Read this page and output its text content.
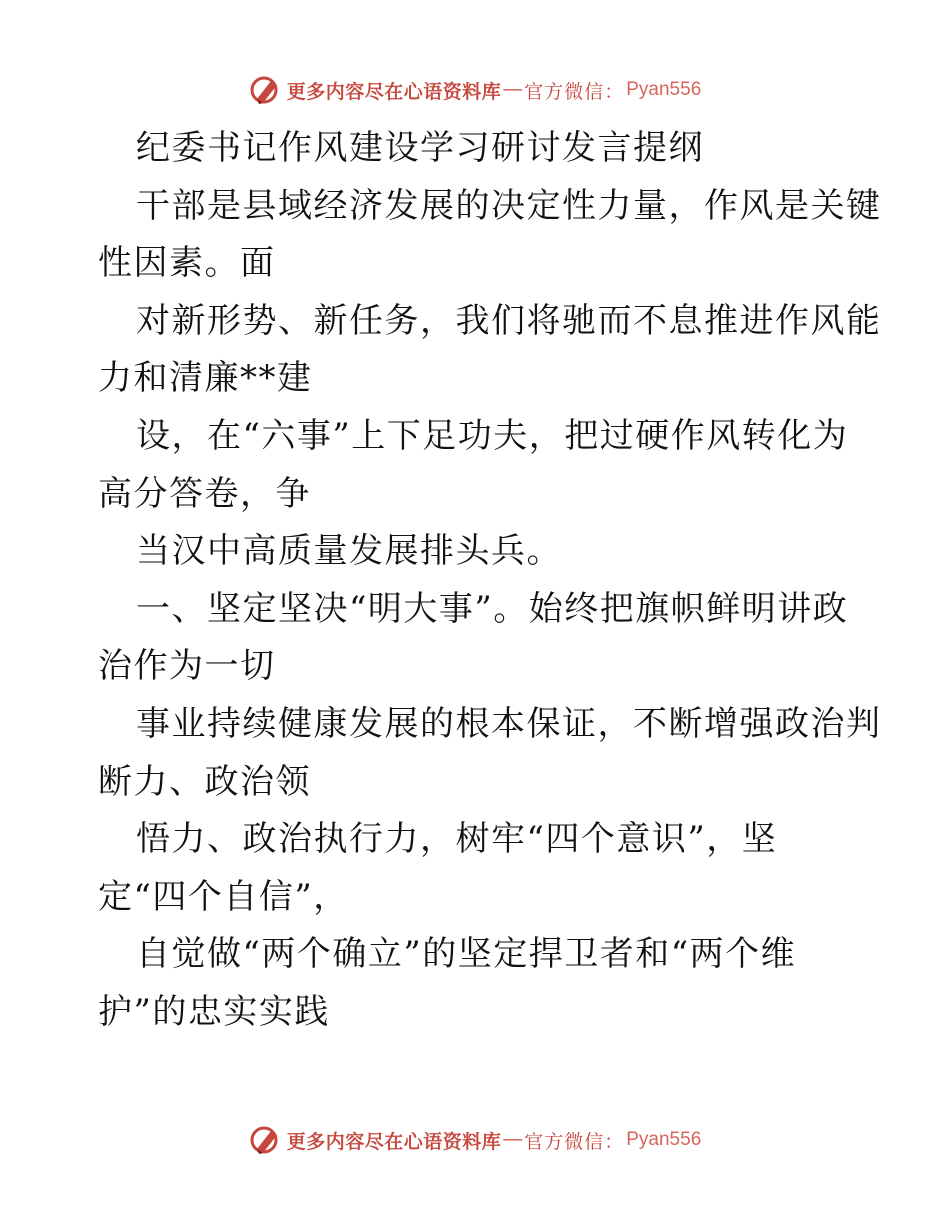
更多内容尽在心语资料库 — 官方微信： Pyan556
纪委书记作风建设学习研讨发言提纲
干部是县域经济发展的决定性力量，作风是关键
性因素。面
对新形势、新任务，我们将驰而不息推进作风能
力和清廉**建
设，在“六事”上下足功夫，把过硬作风转化为
高分答卷，争
当汉中高质量发展排头兵。
一、坚定坚决“明大事”。始终把旗帜鲜明讲政
治作为一切
事业持续健康发展的根本保证，不断增强政治判
断力、政治领
悟力、政治执行力，树牢“四个意识”，坚
定“四个自信”，
自觉做“两个确立”的坚定捍卫者和“两个维
护”的忠实实践
更多内容尽在心语资料库 — 官方微信： Pyan556
